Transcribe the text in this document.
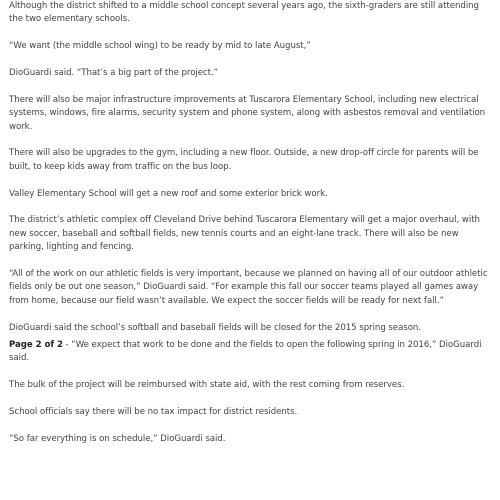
Although the district shifted to a middle school concept several years ago, the sixth-graders are still attending the two elementary schools.

“We want (the middle school wing) to be ready by mid to late August,”

DioGuardi said. “That’s a big part of the project.”

There will also be major infrastructure improvements at Tuscarora Elementary School, including new electrical systems, windows, fire alarms, security system and phone system, along with asbestos removal and ventilation work.

There will also be upgrades to the gym, including a new floor. Outside, a new drop-off circle for parents will be built, to keep kids away from traffic on the bus loop.

Valley Elementary School will get a new roof and some exterior brick work.

The district’s athletic complex off Cleveland Drive behind Tuscarora Elementary will get a major overhaul, with new soccer, baseball and softball fields, new tennis courts and an eight-lane track. There will also be new parking, lighting and fencing.

“All of the work on our athletic fields is very important, because we planned on having all of our outdoor athletic fields only be out one season,” DioGuardi said. “For example this fall our soccer teams played all games away from home, because our field wasn’t available. We expect the soccer fields will be ready for next fall.”

DioGuardi said the school’s softball and baseball fields will be closed for the 2015 spring season.

Page 2 of 2 - “We expect that work to be done and the fields to open the following spring in 2016,” DioGuardi said.

The bulk of the project will be reimbursed with state aid, with the rest coming from reserves.

School officials say there will be no tax impact for district residents.

“So far everything is on schedule,” DioGuardi said.
